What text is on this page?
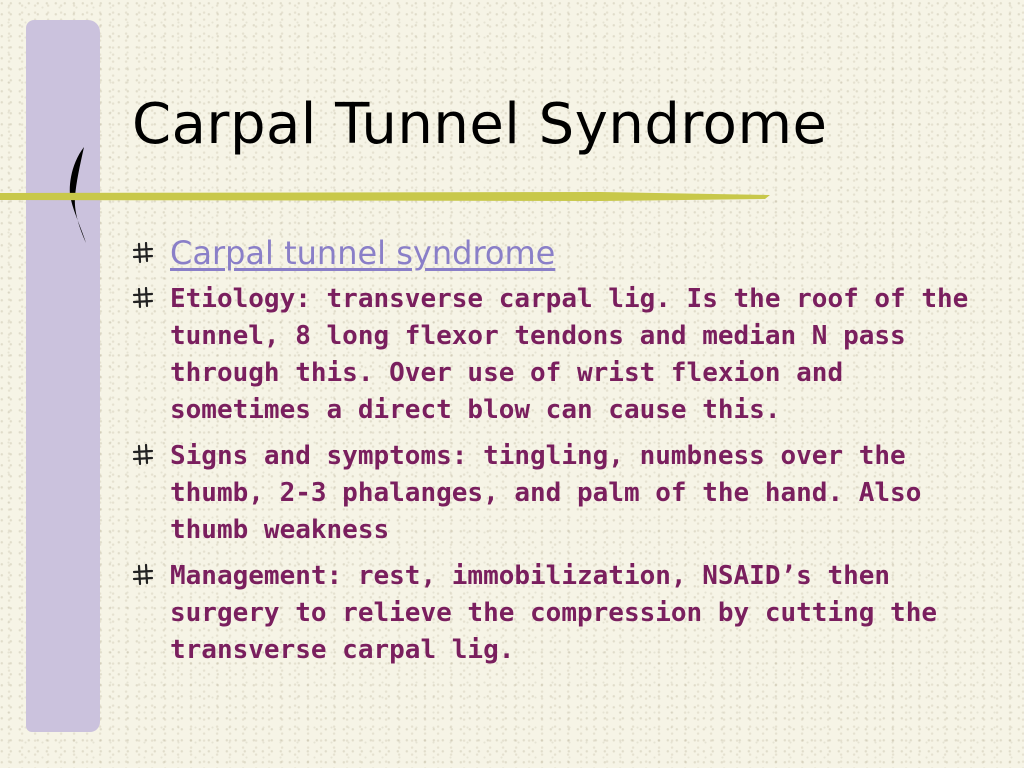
Carpal Tunnel Syndrome
Carpal tunnel syndrome
Etiology: transverse carpal lig. Is the roof of the tunnel, 8 long flexor tendons and median N pass through this. Over use of wrist flexion and sometimes a direct blow can cause this.
Signs and symptoms: tingling, numbness over the thumb, 2-3 phalanges, and palm of the hand. Also thumb weakness
Management: rest, immobilization, NSAID’s then surgery to relieve the compression by cutting the transverse carpal lig.
